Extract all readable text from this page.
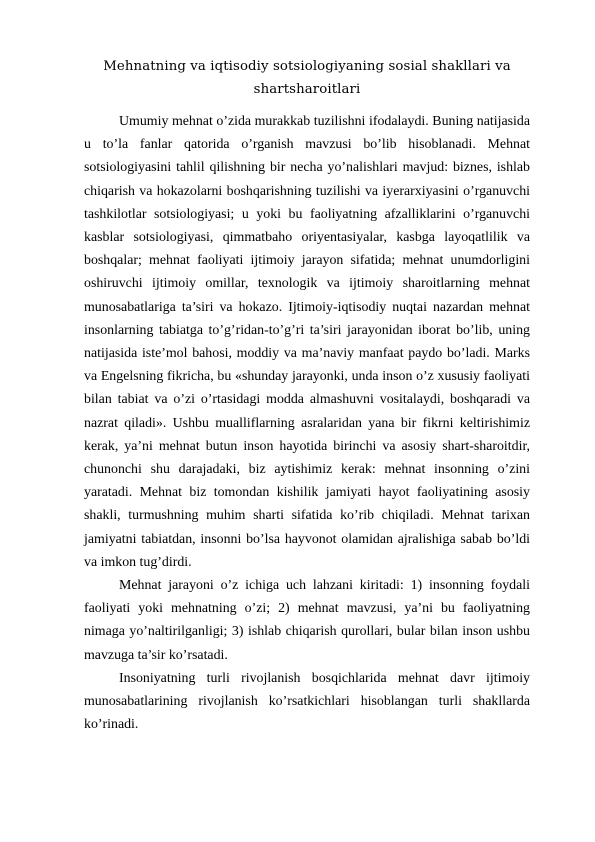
Mehnatning va iqtisodiy sotsiologiyaning sosial shakllari va
shartsharoitlari

Umumiy mehnat o’zida murakkab tuzilishni ifodalaydi. Buning natijasida u to’la fanlar qatorida o’rganish mavzusi bo’lib hisoblanadi. Mehnat sotsiologiyasini tahlil qilishning bir necha yo’nalishlari mavjud: biznes, ishlab chiqarish va hokazolarni boshqarishning tuzilishi va iyerarxiyasini o’rganuvchi tashkilotlar sotsiologiyasi; u yoki bu faoliyatning afzalliklarini o’rganuvchi kasblar sotsiologiyasi, qimmatbaho oriyentasiyalar, kasbga layoqatlilik va boshqalar; mehnat faoliyati ijtimoiy jarayon sifatida; mehnat unumdorligini oshiruvchi ijtimoiy omillar, texnologik va ijtimoiy sharoitlarning mehnat munosabatlariga ta’siri va hokazo. Ijtimoiy-iqtisodiy nuqtai nazardan mehnat insonlarning tabiatga to’g’ridan-to’g’ri ta’siri jarayonidan iborat bo’lib, uning natijasida iste’mol bahosi, moddiy va ma’naviy manfaat paydo bo’ladi. Marks va Engelsning fikricha, bu «shunday jarayonki, unda inson o’z xususiy faoliyati bilan tabiat va o’zi o’rtasidagi modda almashuvni vositalaydi, boshqaradi va nazrat qiladi». Ushbu mualliflarning asralaridan yana bir fikrni keltirishimiz kerak, ya’ni mehnat butun inson hayotida birinchi va asosiy shart-sharoitdir, chunonchi shu darajadaki, biz aytishimiz kerak: mehnat insonning o’zini yaratadi. Mehnat biz tomondan kishilik jamiyati hayot faoliyatining asosiy shakli, turmushning muhim sharti sifatida ko’rib chiqiladi. Mehnat tarixan jamiyatni tabiatdan, insonni bo’lsa hayvonot olamidan ajralishiga sabab bo’ldi va imkon tug’dirdi.

Mehnat jarayoni o’z ichiga uch lahzani kiritadi: 1) insonning foydali faoliyati yoki mehnatning o’zi; 2) mehnat mavzusi, ya’ni bu faoliyatning nimaga yo’naltirilganligi; 3) ishlab chiqarish qurollari, bular bilan inson ushbu mavzuga ta’sir ko’rsatadi.

Insoniyatning turli rivojlanish bosqichlarida mehnat davr ijtimoiy munosabatlarining rivojlanish ko’rsatkichlari hisoblangan turli shakllarda ko’rinadi.
